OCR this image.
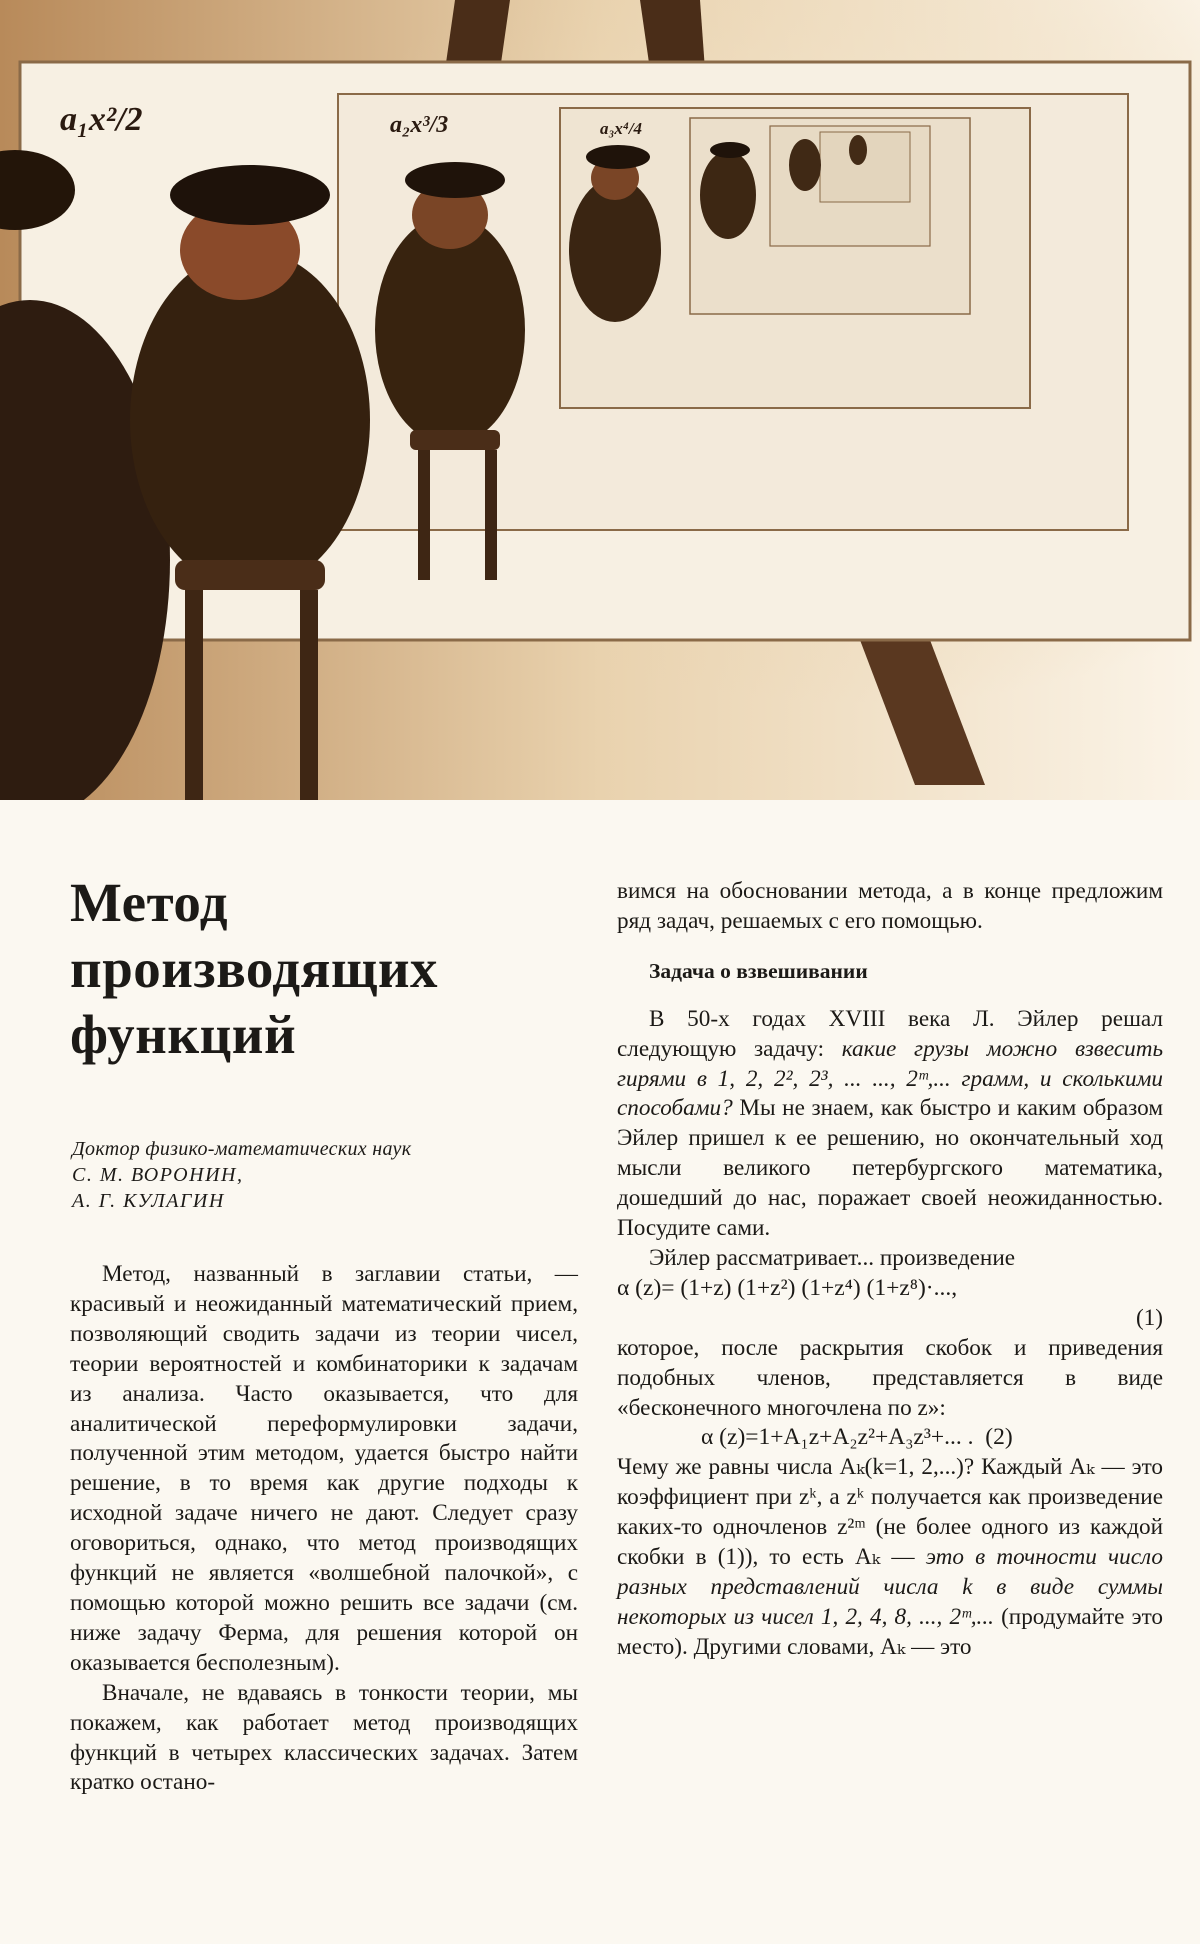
a₁x²/2	a₂x³/3	a₃x⁴/4
Метод
производящих
функций
Доктор физико-математических наук
С. М. ВОРОНИН,
А. Г. КУЛАГИН

Метод, названный в заглавии статьи, — красивый и неожиданный математический прием, позволяющий сводить задачи из теории чисел, теории вероятностей и комбинаторики к задачам из анализа. Часто оказывается, что для аналитической переформулировки задачи, полученной этим методом, удается быстро найти решение, в то время как другие подходы к исходной задаче ничего не дают. Следует сразу оговориться, однако, что метод производящих функций не является «волшебной палочкой», с помощью которой можно решить все задачи (см. ниже задачу Ферма, для решения которой он оказывается бесполезным).

Вначале, не вдаваясь в тонкости теории, мы покажем, как работает метод производящих функций в четырех классических задачах. Затем кратко остано-

вимся на обосновании метода, а в конце предложим ряд задач, решаемых с его помощью.

Задача о взвешивании

В 50-х годах XVIII века Л. Эйлер решал следующую задачу: какие грузы можно взвесить гирями в 1, 2, 2², 2³, ... ..., 2ᵐ,... грамм, и сколькими способами? Мы не знаем, как быстро и каким образом Эйлер пришел к ее решению, но окончательный ход мысли великого петербургского математика, дошедший до нас, поражает своей неожиданностью. Посудите сами.

Эйлер рассматривает... произведение

α (z)= (1+z) (1+z²) (1+z⁴) (1+z⁸)·...,

(1)

которое, после раскрытия скобок и приведения подобных членов, представляется в виде «бесконечного многочлена по z»:

α (z)=1+A₁z+A₂z²+A₃z³+... . (2)

Чему же равны числа Aₖ(k=1, 2,...)? Каждый Aₖ — это коэффициент при zᵏ, а zᵏ получается как произведение каких-то одночленов z²ᵐ (не более одного из каждой скобки в (1)), то есть Aₖ — это в точности число разных представлений числа k в виде суммы некоторых из чисел 1, 2, 4, 8, ..., 2ᵐ,... (продумайте это место). Другими словами, Aₖ — это
